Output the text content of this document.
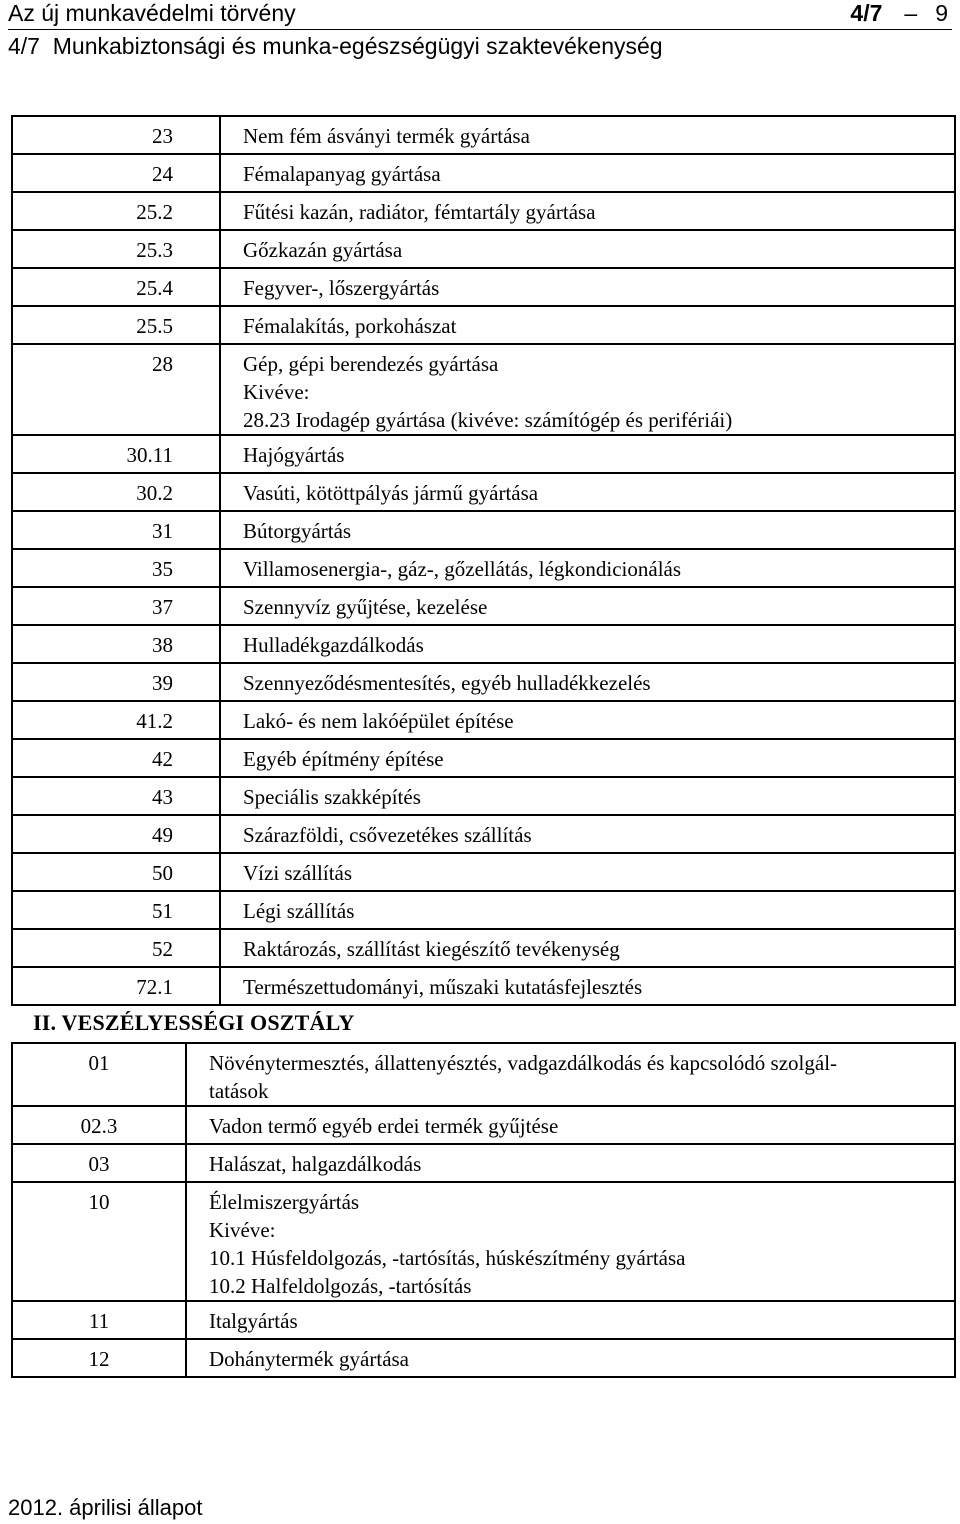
Az új munkavédelmi törvény	4/7 – 9
4/7  Munkabiztonsági és munka-egészségügyi szaktevékenység
23	Nem fém ásványi termék gyártása

24	Fémalapanyag gyártása

25.2	Fűtési kazán, radiátor, fémtartály gyártása

25.3	Gőzkazán gyártása

25.4	Fegyver-, lőszergyártás

25.5	Fémalakítás, porkohászat

28	Gép, gépi berendezés gyártása
Kivéve:
28.23 Irodagép gyártása (kivéve: számítógép és perifériái)

30.11	Hajógyártás

30.2	Vasúti, kötöttpályás jármű gyártása

31	Bútorgyártás

35	Villamosenergia-, gáz-, gőzellátás, légkondicionálás

37	Szennyvíz gyűjtése, kezelése

38	Hulladékgazdálkodás

39	Szennyeződésmentesítés, egyéb hulladékkezelés

41.2	Lakó- és nem lakóépület építése

42	Egyéb építmény építése

43	Speciális szakképítés

49	Szárazföldi, csővezetékes szállítás

50	Vízi szállítás

51	Légi szállítás

52	Raktározás, szállítást kiegészítő tevékenység

72.1	Természettudományi, műszaki kutatásfejlesztés
II. VESZÉLYESSÉGI OSZTÁLY
01	Növénytermesztés, állattenyésztés, vadgazdálkodás és kapcsolódó szolgál-
tatások

02.3	Vadon termő egyéb erdei termék gyűjtése

03	Halászat, halgazdálkodás

10	Élelmiszergyártás
Kivéve:
10.1 Húsfeldolgozás, -tartósítás, húskészítmény gyártása
10.2 Halfeldolgozás, -tartósítás

11	Italgyártás

12	Dohánytermék gyártása
2012. áprilisi állapot
